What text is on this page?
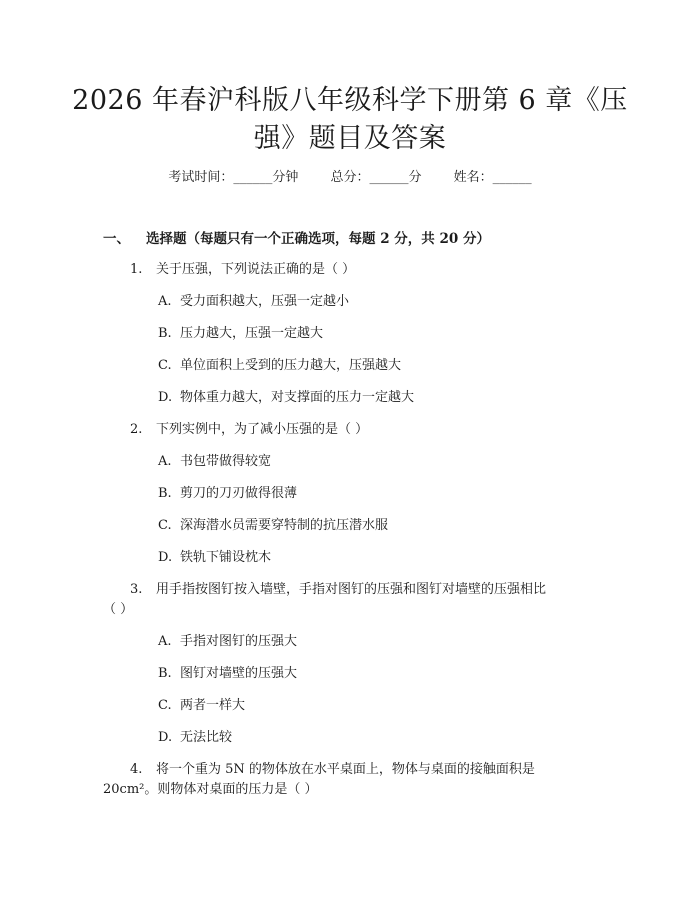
2026 年春沪科版八年级科学下册第 6 章《压
强》题目及答案
考试时间：______分钟 总分：______分 姓名：______
一、 选择题（每题只有一个正确选项，每题 2 分，共 20 分）
1. 关于压强，下列说法正确的是（ ）
A. 受力面积越大，压强一定越小
B. 压力越大，压强一定越大
C. 单位面积上受到的压力越大，压强越大
D. 物体重力越大，对支撑面的压力一定越大
2. 下列实例中，为了减小压强的是（ ）
A. 书包带做得较宽
B. 剪刀的刀刃做得很薄
C. 深海潜水员需要穿特制的抗压潜水服
D. 铁轨下铺设枕木
3. 用手指按图钉按入墙壁，手指对图钉的压强和图钉对墙壁的压强相比
（ ）
A. 手指对图钉的压强大
B. 图钉对墙壁的压强大
C. 两者一样大
D. 无法比较
4. 将一个重为 5N 的物体放在水平桌面上，物体与桌面的接触面积是
20cm²。则物体对桌面的压力是（ ）
